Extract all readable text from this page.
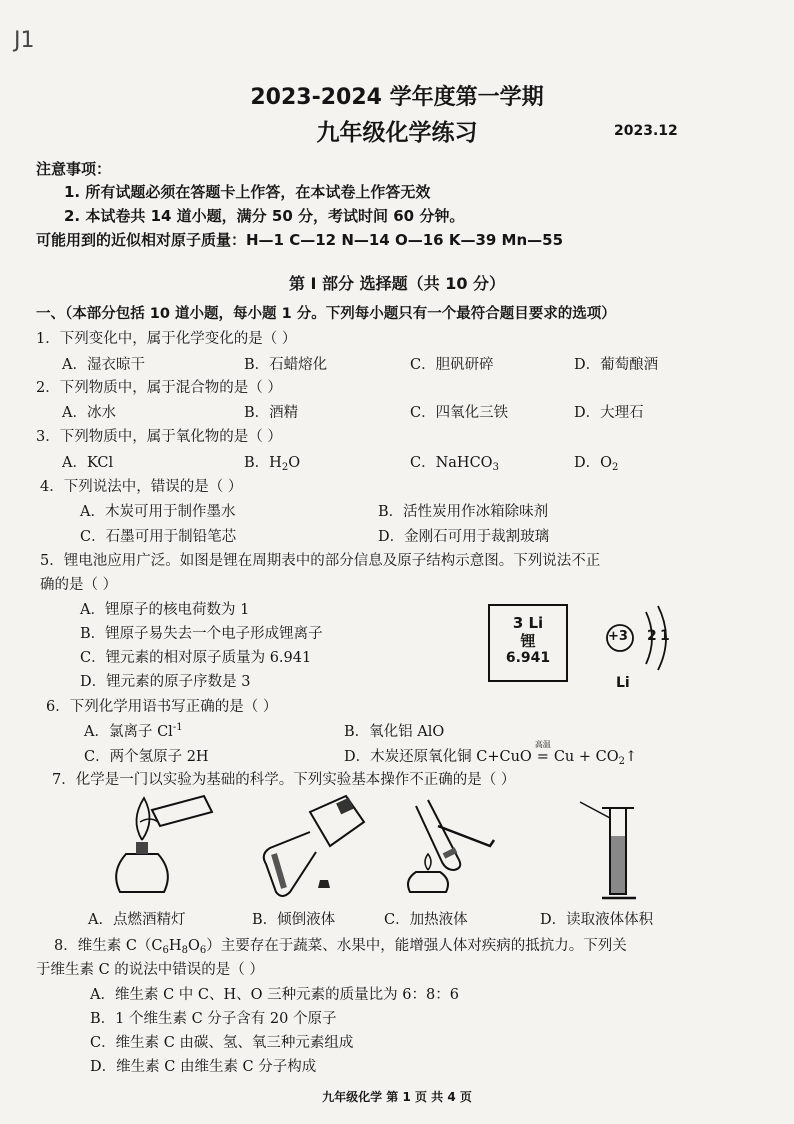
J1
2023-2024 学年度第一学期
九年级化学练习	2023.12
注意事项：
1. 所有试题必须在答题卡上作答，在本试卷上作答无效
2. 本试卷共 14 道小题，满分 50 分，考试时间 60 分钟。
可能用到的近似相对原子质量：H—1 C—12 N—14 O—16 K—39 Mn—55
第 I 部分 选择题（共 10 分）
一、（本部分包括 10 道小题，每小题 1 分。下列每小题只有一个最符合题目要求的选项）
1．下列变化中，属于化学变化的是（ ）
A．湿衣晾干	B．石蜡熔化	C．胆矾研碎	D．葡萄酿酒
2．下列物质中，属于混合物的是（ ）
A．冰水	B．酒精	C．四氧化三铁	D．大理石
3．下列物质中，属于氧化物的是（ ）
A．KCl	B．$H_2O$	C．NaHCO$_3$	D．$O_2$
4．下列说法中，错误的是（ ）
A．木炭可用于制作墨水	B．活性炭用作冰箱除味剂
C．石墨可用于制铅笔芯	D．金刚石可用于裁割玻璃
5．锂电池应用广泛。如图是锂在周期表中的部分信息及原子结构示意图。下列说法不正
确的是（ ）
A．锂原子的核电荷数为 1
B．锂原子易失去一个电子形成锂离子
C．锂元素的相对原子质量为 6.941
D．锂元素的原子序数是 3
3 Li
锂
6.941
+3 2 1
Li
6．下列化学用语书写正确的是（ ）
A．氯离子 $Cl^{-1}$	B．氧化铝 AlO
C．两个氢原子 2H	D．木炭还原氧化铜 C+CuO
高温
= $Cu + CO_2↑$
7．化学是一门以实验为基础的科学。下列实验基本操作不正确的是（ ）
A．点燃酒精灯	B．倾倒液体	C．加热液体	D．读取液体体积
8．维生素 $C(C_6H_8O_6)$主要存在于蔬菜、水果中，能增强人体对疾病的抵抗力。下列关
于维生素 C 的说法中错误的是（ ）
A．维生素 C 中 C、H、O 三种元素的质量比为 6：8：6
B．1 个维生素 C 分子含有 20 个原子
C．维生素 C 由碳、氢、氧三种元素组成
D．维生素 C 由维生素 C 分子构成
九年级化学 第 1 页 共 4 页
